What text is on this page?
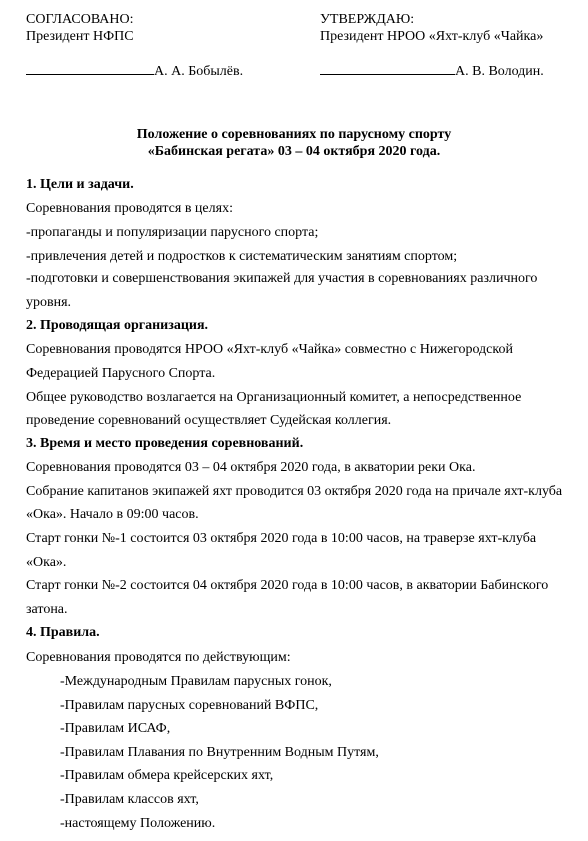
СОГЛАСОВАНО:
Президент НФПС
А. А. Бобылёв.
УТВЕРЖДАЮ:
Президент НРОО «Яхт-клуб «Чайка»
А. В. Володин.
Положение о соревнованиях по парусному спорту
«Бабинская регата» 03 – 04 октября 2020 года.
1. Цели и задачи.
Соревнования проводятся в целях:
-пропаганды и популяризации парусного спорта;
-привлечения детей и подростков к систематическим занятиям спортом;
-подготовки и совершенствования экипажей для участия в соревнованиях различного
уровня.
2. Проводящая организация.
Соревнования проводятся НРОО «Яхт-клуб «Чайка» совместно с Нижегородской
Федерацией Парусного Спорта.
Общее руководство возлагается на Организационный комитет, а непосредственное
проведение соревнований осуществляет Судейская коллегия.
3. Время и место проведения соревнований.
Соревнования проводятся 03 – 04 октября 2020 года, в акватории реки Ока.
Собрание капитанов экипажей яхт проводится 03 октября 2020 года на причале яхт-клуба
«Ока». Начало в 09:00 часов.
Старт гонки №-1 состоится 03 октября 2020 года в 10:00 часов, на траверзе яхт-клуба
«Ока».
Старт гонки №-2 состоится 04 октября 2020 года в 10:00 часов, в акватории Бабинского
затона.
4. Правила.
Соревнования проводятся по действующим:
-Международным Правилам парусных гонок,
-Правилам парусных соревнований ВФПС,
-Правилам ИСАФ,
-Правилам Плавания по Внутренним Водным Путям,
-Правилам обмера крейсерских яхт,
-Правилам классов яхт,
-настоящему Положению.
